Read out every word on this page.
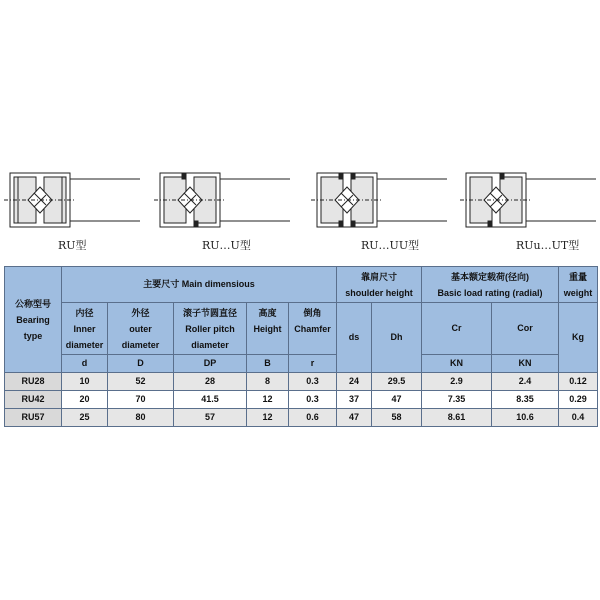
RU型	RU…U型	RU…UU型	RUu…UT型
公称型号
Bearing
type	主要尺寸 Main dimensious					靠肩尺寸
shoulder height		基本额定载荷(径向)
Basic load rating (radial)		重量
weight

	内径
Inner
diameter	外径
outer
diameter	滚子节圆直径
Roller pitch
diameter	高度
Height	倒角
Chamfer	ds	Dh	Cr	Cor	Kg
	d	D	DP	B	r			KN	KN	
RU28	10	52	28	8	0.3	24	29.5	2.9	2.4	0.12
RU42	20	70	41.5	12	0.3	37	47	7.35	8.35	0.29
RU57	25	80	57	12	0.6	47	58	8.61	10.6	0.4
